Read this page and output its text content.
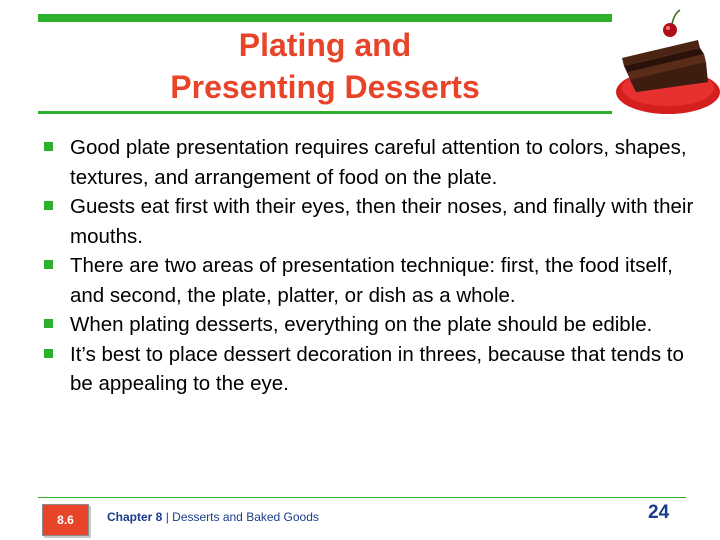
Plating and
Presenting Desserts
Good plate presentation requires careful attention to colors, shapes, textures, and arrangement of food on the plate.
Guests eat first with their eyes, then their noses, and finally with their mouths.
There are two areas of presentation technique: first, the food itself, and second, the plate, platter, or dish as a whole.
When plating desserts, everything on the plate should be edible.
It’s best to place dessert decoration in threes, because that tends to be appealing to the eye.
8.6	Chapter 8 | Desserts and Baked Goods	24
